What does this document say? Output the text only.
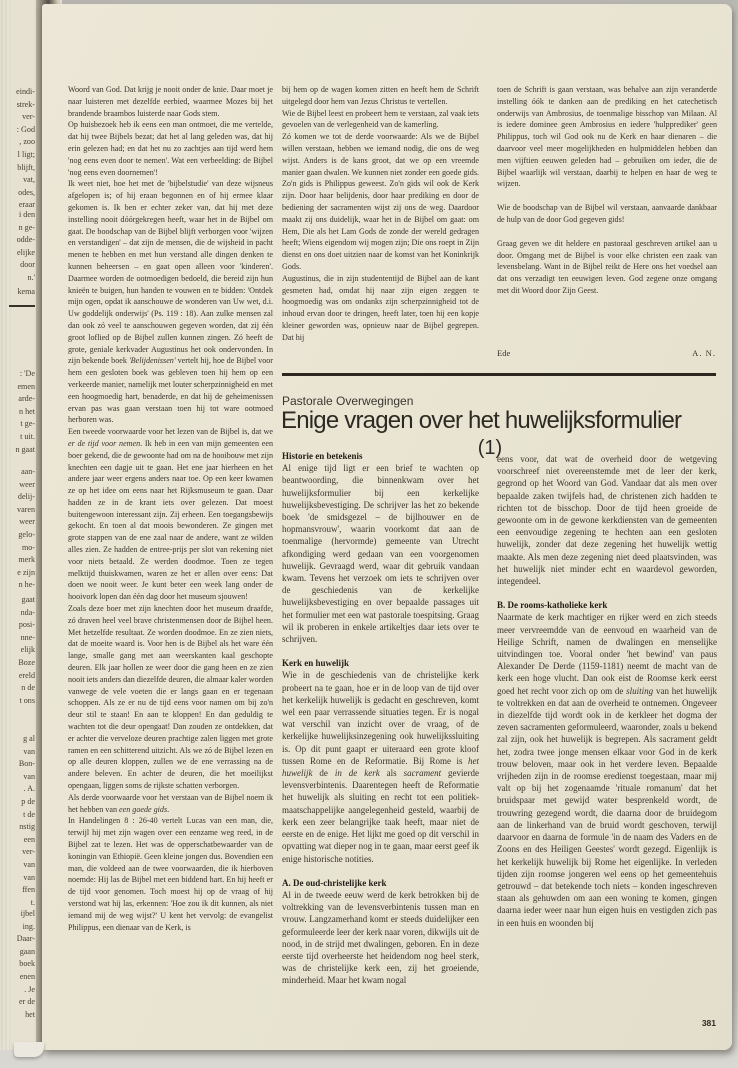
eindi-
strek-
ver-
: God
, zoo
l ligt;
blijft,
vat,
odes,
eraar
i den
n ge-
odde-
elijke
door
n.'
kema
: 'De
emen
arde-
n het
t ge-
t uit.
n gaat
aan-
weer
delij-
varen
weer
gelo-
mo-
merk
e zijn
n he-
gaat
nda-
posi-
nne-
elijk
Boze
ereld
n de
t ons
g al
van
Bon-
van
. A.
p de
t de
nstig
een
ver-
van
van
ffen
t.
ijbel
ing.
Daar-
gaan
boek
enen
. Je
er de
het

Woord van God. Dat krijg je nooit onder de knie. Daar moet je naar luisteren met dezelfde eerbied, waarmee Mozes bij het brandende braambos luisterde naar Gods stem.

Op huisbezoek heb ik eens een man ontmoet, die me vertelde, dat hij twee Bijbels bezat; dat het al lang geleden was, dat hij erin gelezen had; en dat het nu zo zachtjes aan tijd werd hem 'nog eens even door te nemen'. Wat een verbeelding: de Bijbel 'nog eens even doornemen'!

Ik weet niet, hoe het met de 'bijbelstudie' van deze wijsneus afgelopen is; of hij eraan begonnen en of hij ermee klaar gekomen is. Ik ben er echter zeker van, dat hij met deze instelling nooit dóórgekregen heeft, waar het in de Bijbel om gaat. De boodschap van de Bijbel blijft verborgen voor 'wijzen en verstandigen' – dat zijn de mensen, die de wijsheid in pacht menen te hebben en met hun verstand alle dingen denken te kunnen beheersen – en gaat open alleen voor 'kinderen'. Daarmee worden de ootmoedigen bedoeld, die bereid zijn hun knieën te buigen, hun handen te vouwen en te bidden: 'Ontdek mijn ogen, opdat ik aanschouwe de wonderen van Uw wet, d.i. Uw goddelijk onderwijs' (Ps. 119 : 18). Aan zulke mensen zal dan ook zó veel te aanschouwen gegeven worden, dat zij één groot loflied op de Bijbel zullen kunnen zingen. Zó heeft de grote, geniale kerkvader Augustinus het ook ondervonden. In zijn bekende boek 'Belijdenissen' vertelt hij, hoe de Bijbel voor hem een gesloten boek was gebleven toen hij hem op een verkeerde manier, namelijk met louter scherpzinnigheid en met een hoogmoedig hart, benaderde, en dat hij de geheimenissen ervan pas was gaan verstaan toen hij tot ware ootmoed herboren was.

Een tweede voorwaarde voor het lezen van de Bijbel is, dat we er de tijd voor nemen. Ik heb in een van mijn gemeenten een boer gekend, die de gewoonte had om na de hooibouw met zijn knechten een dagje uit te gaan. Het ene jaar hierheen en het andere jaar weer ergens anders naar toe. Op een keer kwamen ze op het idee om eens naar het Rijksmuseum te gaan. Daar hadden ze in de krant iets over gelezen. Dat moest buitengewoon interessant zijn. Zij erheen. Een toegangsbewijs gekocht. En toen al dat moois bewonderen. Ze gingen met grote stappen van de ene zaal naar de andere, want ze wilden alles zien. Ze hadden de entree-prijs per slot van rekening niet voor niets betaald. Ze werden doodmoe. Toen ze tegen melktijd thuiskwamen, waren ze het er allen over eens: Dat doen we nooit weer. Je kunt beter een week lang onder de hooivork lopen dan één dag door het museum sjouwen!

Zoals deze boer met zijn knechten door het museum draafde, zó draven heel veel brave christenmensen door de Bijbel heen. Met hetzelfde resultaat. Ze worden doodmoe. En ze zien niets, dat de moeite waard is. Voor hen is de Bijbel als het ware één lange, smalle gang met aan weerskanten kaal geschopte deuren. Elk jaar hollen ze weer door die gang heen en ze zien nooit iets anders dan diezelfde deuren, die almaar kaler worden vanwege de vele voeten die er langs gaan en er tegenaan schoppen. Als ze er nu de tijd eens voor namen om bij zo'n deur stil te staan! En aan te kloppen! En dan geduldig te wachten tot die deur opengaat! Dan zouden ze ontdekken, dat er achter die verveloze deuren prachtige zalen liggen met grote ramen en een schitterend uitzicht. Als we zó de Bijbel lezen en op alle deuren kloppen, zullen we de ene verrassing na de andere beleven. En achter de deuren, die het moeilijkst opengaan, liggen soms de rijkste schatten verborgen.

Als derde voorwaarde voor het verstaan van de Bijbel noem ik het hebben van een goede gids.

In Handelingen 8 : 26-40 vertelt Lucas van een man, die, terwijl hij met zijn wagen over een eenzame weg reed, in de Bijbel zat te lezen. Het was de opperschatbewaarder van de koningin van Ethiopië. Geen kleine jongen dus. Bovendien een man, die voldeed aan de twee voorwaarden, die ik hierboven noemde: Hij las de Bijbel met een biddend hart. En hij heeft er de tijd voor genomen. Toch moest hij op de vraag of hij verstond wat hij las, erkennen: 'Hoe zou ik dit kunnen, als niet iemand mij de weg wijst?' U kent het vervolg: de evangelist Philippus, een dienaar van de Kerk, is

bij hem op de wagen komen zitten en heeft hem de Schrift uitgelegd door hem van Jezus Christus te vertellen.

Wie de Bijbel leest en probeert hem te verstaan, zal vaak iets gevoelen van de verlegenheid van de kamerling.

Zó komen we tot de derde voorwaarde: Als we de Bijbel willen verstaan, hebben we iemand nodig, die ons de weg wijst. Anders is de kans groot, dat we op een vreemde manier gaan dwalen. We kunnen niet zonder een goede gids. Zo'n gids is Philippus geweest. Zo'n gids wil ook de Kerk zijn. Door haar belijdenis, door haar prediking en door de bediening der sacramenten wijst zij ons de weg. Daardoor maakt zij ons duidelijk, waar het in de Bijbel om gaat: om Hem, Die als het Lam Gods de zonde der wereld gedragen heeft; Wiens eigendom wij mogen zijn; Die ons roept in Zijn dienst en ons doet uitzien naar de komst van het Koninkrijk Gods.

Augustinus, die in zijn studententijd de Bijbel aan de kant gesmeten had, omdat hij naar zijn eigen zeggen te hoogmoedig was om ondanks zijn scherpzinnigheid tot de inhoud ervan door te dringen, heeft later, toen hij een kopje kleiner geworden was, opnieuw naar de Bijbel gegrepen. Dat hij

toen de Schrift is gaan verstaan, was behalve aan zijn veranderde instelling óók te danken aan de prediking en het catechetisch onderwijs van Ambrosius, de toenmalige bisschop van Milaan. Al is iedere dominee geen Ambrosius en iedere 'hulpprediker' geen Philippus, toch wil God ook nu de Kerk en haar dienaren – die daarvoor veel meer mogelijkheden en hulpmiddelen hebben dan men vijftien eeuwen geleden had – gebruiken om ieder, die de Bijbel waarlijk wil verstaan, daarbij te helpen en haar de weg te wijzen.

Wie de boodschap van de Bijbel wil verstaan, aanvaarde dankbaar de hulp van de door God gegeven gids!

Graag geven we dit heldere en pastoraal geschreven artikel aan u door. Omgang met de Bijbel is voor elke christen een zaak van levensbelang. Want in de Bijbel reikt de Here ons het voedsel aan dat ons verzadigt ten eeuwigen leven. God zegene onze omgang met dit Woord door Zijn Geest.

Ede	A. N.
Pastorale Overwegingen
Enige vragen over het huwelijksformulier
(1)
Historie en betekenis

Al enige tijd ligt er een brief te wachten op beantwoording, die binnenkwam over het huwelijksformulier bij een kerkelijke huwelijksbevestiging. De schrijver las het zo bekende boek 'de smidsgezel – de bijlhouwer en de hopmansvrouw', waarin voorkomt dat aan de toenmalige (hervormde) gemeente van Utrecht afkondiging werd gedaan van een voorgenomen huwelijk. Gevraagd werd, waar dit gebruik vandaan kwam. Tevens het verzoek om iets te schrijven over de geschiedenis van de kerkelijke huwelijksbevestiging en over bepaalde passages uit het formulier met een wat pastorale toespitsing. Graag wil ik proberen in enkele artikeltjes daar iets over te schrijven.

Kerk en huwelijk

Wie in de geschiedenis van de christelijke kerk probeert na te gaan, hoe er in de loop van de tijd over het kerkelijk huwelijk is gedacht en geschreven, komt wel een paar verrassende situaties tegen. Er is nogal wat verschil van inzicht over de vraag, of de kerkelijke huwelijksinzegening ook huwelijkssluiting is. Op dit punt gaapt er uiteraard een grote kloof tussen Rome en de Reformatie. Bij Rome is het huwelijk de in de kerk als sacrament gevierde levensverbintenis. Daarentegen heeft de Reformatie het huwelijk als sluiting en recht tot een politiek-maatschappelijke aangelegenheid gesteld, waarbij de kerk een zeer belangrijke taak heeft, maar niet de eerste en de enige. Het lijkt me goed op dit verschil in opvatting wat dieper nog in te gaan, maar eerst geef ik enige historische notities.

A. De oud-christelijke kerk

Al in de tweede eeuw werd de kerk betrokken bij de voltrekking van de levensverbintenis tussen man en vrouw. Langzamerhand komt er steeds duidelijker een geformuleerde leer der kerk naar voren, dikwijls uit de nood, in de strijd met dwalingen, geboren. En in deze eerste tijd overheerste het heidendom nog heel sterk, was de christelijke kerk een, zij het groeiende, minderheid. Maar het kwam nogal

eens voor, dat wat de overheid door de wetgeving voorschreef niet overeenstemde met de leer der kerk, gegrond op het Woord van God. Vandaar dat als men over bepaalde zaken twijfels had, de christenen zich hadden te richten tot de bisschop. Door de tijd heen groeide de gewoonte om in de gewone kerkdiensten van de gemeenten een eenvoudige zegening te hechten aan een gesloten huwelijk, zonder dat deze zegening het huwelijk wettig maakte. Als men deze zegening niet deed plaatsvinden, was het huwelijk niet minder echt en waardevol geworden, integendeel.

B. De rooms-katholieke kerk

Naarmate de kerk machtiger en rijker werd en zich steeds meer vervreemdde van de eenvoud en waarheid van de Heilige Schrift, namen de dwalingen en menselijke uitvindingen toe. Vooral onder 'het bewind' van paus Alexander De Derde (1159-1181) neemt de macht van de kerk een hoge vlucht. Dan ook eist de Roomse kerk eerst goed het recht voor zich op om de sluiting van het huwelijk te voltrekken en dat aan de overheid te ontnemen. Ongeveer in diezelfde tijd wordt ook in de kerkleer het dogma der zeven sacramenten geformuleerd, waaronder, zoals u bekend zal zijn, ook het huwelijk is begrepen. Als sacrament geldt het, zodra twee jonge mensen elkaar voor God in de kerk trouw beloven, maar ook in het verdere leven. Bepaalde vrijheden zijn in de roomse eredienst toegestaan, maar mij valt op bij het zogenaamde 'rituale romanum' dat het bruidspaar met gewijd water besprenkeld wordt, de trouwring gezegend wordt, die daarna door de bruidegom aan de linkerhand van de bruid wordt geschoven, terwijl daarvoor en daarna de formule 'in de naam des Vaders en de Zoons en des Heiligen Geestes' wordt gezegd. Eigenlijk is het kerkelijk huwelijk bij Rome het eigenlijke. In verleden tijden zijn roomse jongeren wel eens op het gemeentehuis getrouwd – dat betekende toch niets – konden ingeschreven staan als gehuwden om aan een woning te komen, gingen daarna ieder weer naar hun eigen huis en vestigden zich pas in een huis en woonden bij

381
